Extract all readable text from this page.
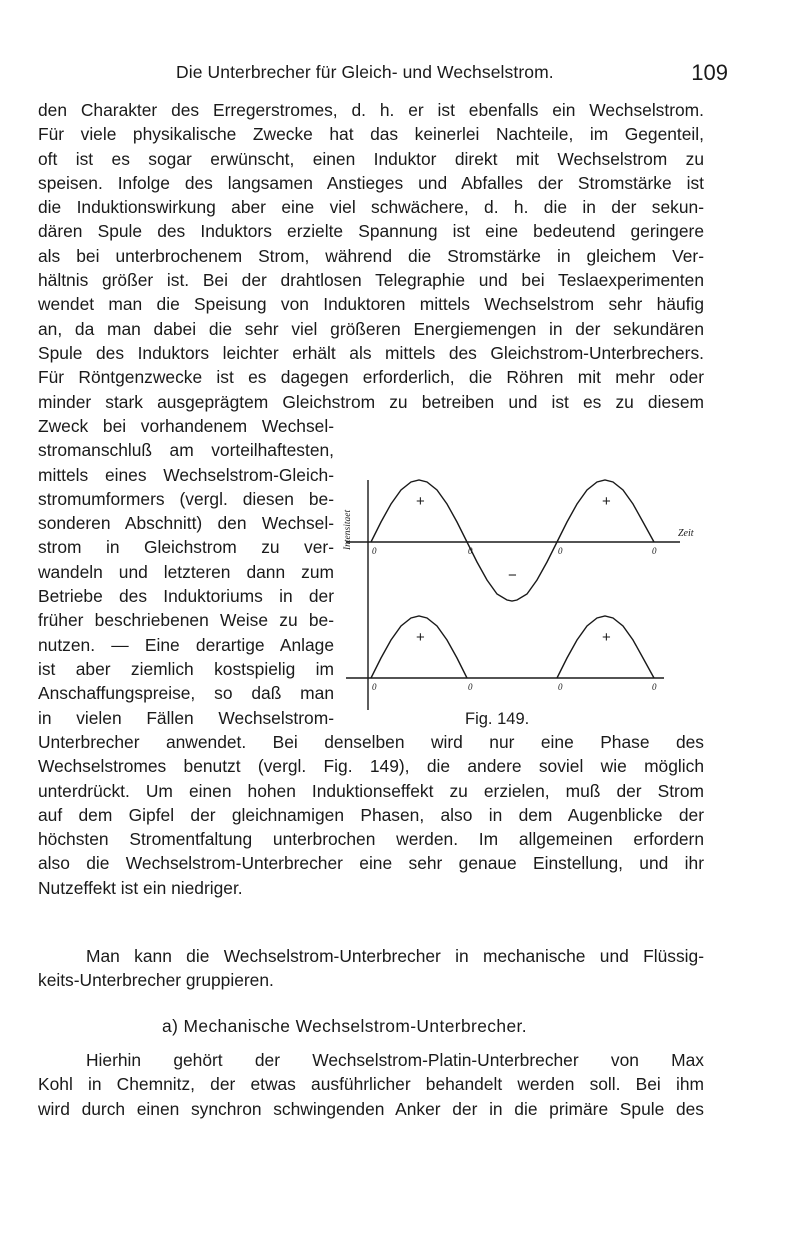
Die Unterbrecher für Gleich- und Wechselstrom.	109
den Charakter des Erregerstromes, d. h. er ist ebenfalls ein Wechselstrom.
Für viele physikalische Zwecke hat das keinerlei Nachteile, im Gegenteil,
oft ist es sogar erwünscht, einen Induktor direkt mit Wechselstrom zu
speisen. Infolge des langsamen Anstieges und Abfalles der Stromstärke ist
die Induktionswirkung aber eine viel schwächere, d. h. die in der sekun-
dären Spule des Induktors erzielte Spannung ist eine bedeutend geringere
als bei unterbrochenem Strom, während die Stromstärke in gleichem Ver-
hältnis größer ist. Bei der drahtlosen Telegraphie und bei Teslaexperimenten
wendet man die Speisung von Induktoren mittels Wechselstrom sehr häufig
an, da man dabei die sehr viel größeren Energiemengen in der sekundären
Spule des Induktors leichter erhält als mittels des Gleichstrom-Unterbrechers.
Für Röntgenzwecke ist es dagegen erforderlich, die Röhren mit mehr oder
minder stark ausgeprägtem Gleichstrom zu betreiben und ist es zu diesem
Zweck bei vorhandenem Wechsel-
stromanschluß am vorteilhaftesten,
mittels eines Wechselstrom-Gleich-
stromumformers (vergl. diesen be-
sonderen Abschnitt) den Wechsel-
strom in Gleichstrom zu ver-
wandeln und letzteren dann zum
Betriebe des Induktoriums in der
früher beschriebenen Weise zu be-
nutzen. — Eine derartige Anlage
ist aber ziemlich kostspielig im
Anschaffungspreise, so daß man
in vielen Fällen Wechselstrom-
Zeit
Intensitaet
+	+
−
+	+
0	0	0	0
0	0	0	0
Fig. 149.
Unterbrecher anwendet. Bei denselben wird nur eine Phase des
Wechselstromes benutzt (vergl. Fig. 149), die andere soviel wie möglich
unterdrückt. Um einen hohen Induktionseffekt zu erzielen, muß der Strom
auf dem Gipfel der gleichnamigen Phasen, also in dem Augenblicke der
höchsten Stromentfaltung unterbrochen werden. Im allgemeinen erfordern
also die Wechselstrom-Unterbrecher eine sehr genaue Einstellung, und ihr
Nutzeffekt ist ein niedriger.
Man kann die Wechselstrom-Unterbrecher in mechanische und Flüssig-
keits-Unterbrecher gruppieren.
a) Mechanische Wechselstrom-Unterbrecher.
Hierhin gehört der Wechselstrom-Platin-Unterbrecher von Max
Kohl in Chemnitz, der etwas ausführlicher behandelt werden soll. Bei ihm
wird durch einen synchron schwingenden Anker der in die primäre Spule des
